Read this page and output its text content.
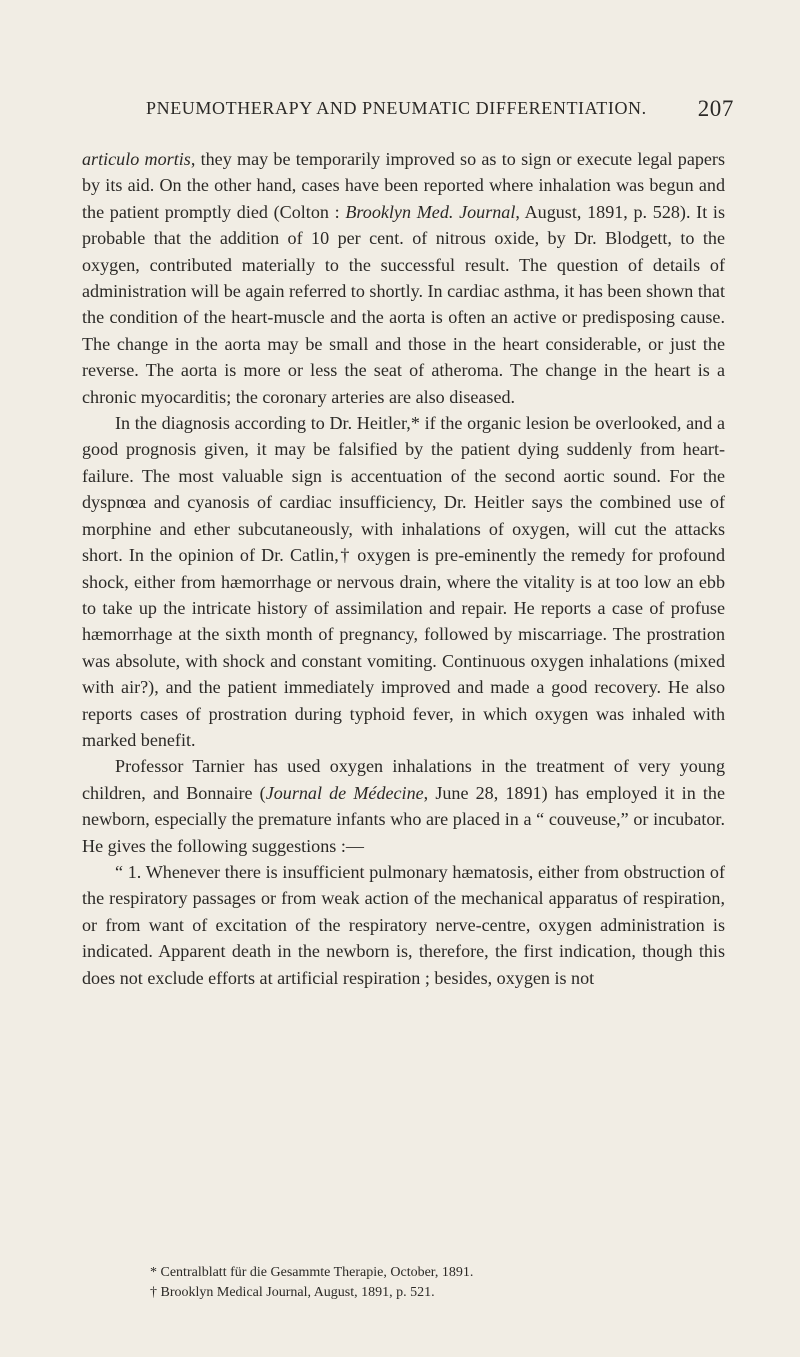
PNEUMOTHERAPY AND PNEUMATIC DIFFERENTIATION. 207

articulo mortis, they may be temporarily improved so as to sign or execute legal papers by its aid. On the other hand, cases have been reported where inhalation was begun and the patient promptly died (Colton : Brooklyn Med. Journal, August, 1891, p. 528). It is probable that the addition of 10 per cent. of nitrous oxide, by Dr. Blodgett, to the oxygen, contributed materially to the successful result. The question of details of administration will be again referred to shortly. In cardiac asthma, it has been shown that the condition of the heart-muscle and the aorta is often an active or predisposing cause. The change in the aorta may be small and those in the heart considerable, or just the reverse. The aorta is more or less the seat of atheroma. The change in the heart is a chronic myocarditis; the coronary arteries are also diseased.

In the diagnosis according to Dr. Heitler,* if the organic lesion be overlooked, and a good prognosis given, it may be falsified by the patient dying suddenly from heart-failure. The most valuable sign is accentuation of the second aortic sound. For the dyspnœa and cyanosis of cardiac insufficiency, Dr. Heitler says the combined use of morphine and ether subcutaneously, with inhalations of oxygen, will cut the attacks short. In the opinion of Dr. Catlin,† oxygen is pre-eminently the remedy for profound shock, either from hæmorrhage or nervous drain, where the vitality is at too low an ebb to take up the intricate history of assimilation and repair. He reports a case of profuse hæmorrhage at the sixth month of pregnancy, followed by miscarriage. The prostration was absolute, with shock and constant vomiting. Continuous oxygen inhalations (mixed with air?), and the patient immediately improved and made a good recovery. He also reports cases of prostration during typhoid fever, in which oxygen was inhaled with marked benefit.

Professor Tarnier has used oxygen inhalations in the treatment of very young children, and Bonnaire (Journal de Médecine, June 28, 1891) has employed it in the newborn, especially the premature infants who are placed in a “ couveuse,” or incubator. He gives the following suggestions :—

“ 1. Whenever there is insufficient pulmonary hæmatosis, either from obstruction of the respiratory passages or from weak action of the mechanical apparatus of respiration, or from want of excitation of the respiratory nerve-centre, oxygen administration is indicated. Apparent death in the newborn is, therefore, the first indication, though this does not exclude efforts at artificial respiration ; besides, oxygen is not

* Centralblatt für die Gesammte Therapie, October, 1891.
† Brooklyn Medical Journal, August, 1891, p. 521.
